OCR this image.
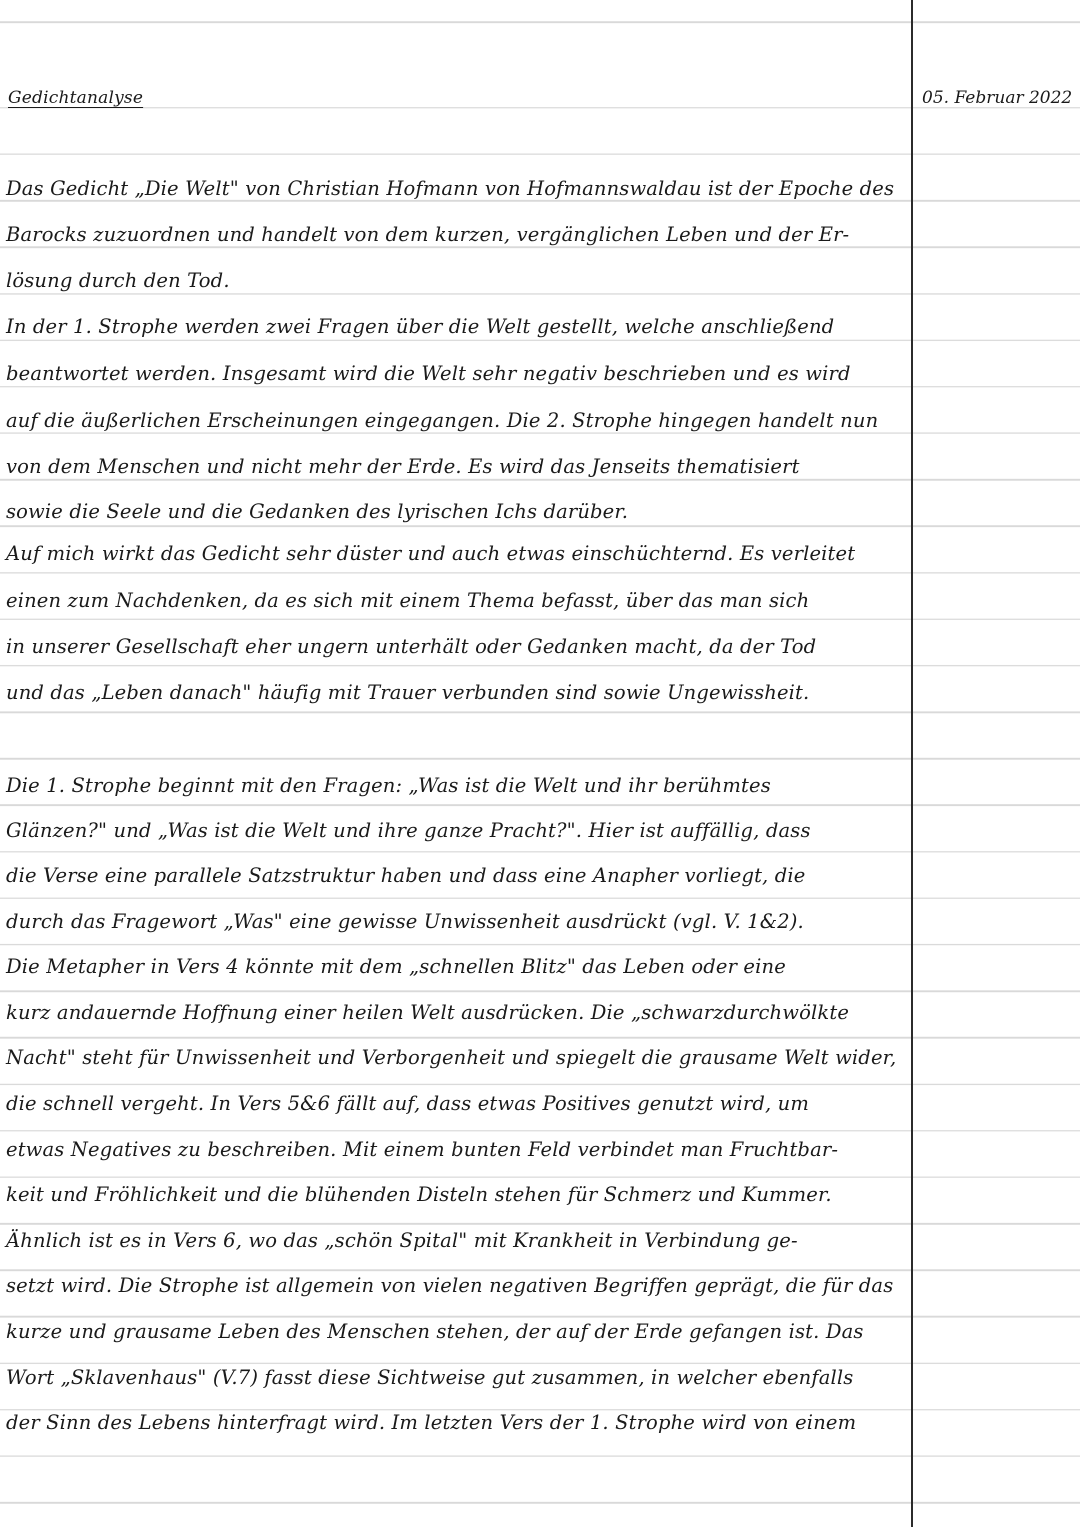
Gedichtanalyse	05. Februar 2022
Das Gedicht „Die Welt" von Christian Hofmann von Hofmannswaldau ist der Epoche des
Barocks zuzuordnen und handelt von dem kurzen, vergänglichen Leben und der Er-
lösung durch den Tod.
In der 1. Strophe werden zwei Fragen über die Welt gestellt, welche anschließend
beantwortet werden. Insgesamt wird die Welt sehr negativ beschrieben und es wird
auf die äußerlichen Erscheinungen eingegangen. Die 2. Strophe hingegen handelt nun
von dem Menschen und nicht mehr der Erde. Es wird das Jenseits thematisiert
sowie die Seele und die Gedanken des lyrischen Ichs darüber.
Auf mich wirkt das Gedicht sehr düster und auch etwas einschüchternd. Es verleitet
einen zum Nachdenken, da es sich mit einem Thema befasst, über das man sich
in unserer Gesellschaft eher ungern unterhält oder Gedanken macht, da der Tod
und das „Leben danach" häufig mit Trauer verbunden sind sowie Ungewissheit.
Die 1. Strophe beginnt mit den Fragen: „Was ist die Welt und ihr berühmtes
Glänzen?" und „Was ist die Welt und ihre ganze Pracht?". Hier ist auffällig, dass
die Verse eine parallele Satzstruktur haben und dass eine Anapher vorliegt, die
durch das Fragewort „Was" eine gewisse Unwissenheit ausdrückt (vgl. V. 1&2).
Die Metapher in Vers 4 könnte mit dem „schnellen Blitz" das Leben oder eine
kurz andauernde Hoffnung einer heilen Welt ausdrücken. Die „schwarzdurchwölkte
Nacht" steht für Unwissenheit und Verborgenheit und spiegelt die grausame Welt wider,
die schnell vergeht. In Vers 5&6 fällt auf, dass etwas Positives genutzt wird, um
etwas Negatives zu beschreiben. Mit einem bunten Feld verbindet man Fruchtbar-
keit und Fröhlichkeit und die blühenden Disteln stehen für Schmerz und Kummer.
Ähnlich ist es in Vers 6, wo das „schön Spital" mit Krankheit in Verbindung ge-
setzt wird. Die Strophe ist allgemein von vielen negativen Begriffen geprägt, die für das
kurze und grausame Leben des Menschen stehen, der auf der Erde gefangen ist. Das
Wort „Sklavenhaus" (V.7) fasst diese Sichtweise gut zusammen, in welcher ebenfalls
der Sinn des Lebens hinterfragt wird. Im letzten Vers der 1. Strophe wird von einem
